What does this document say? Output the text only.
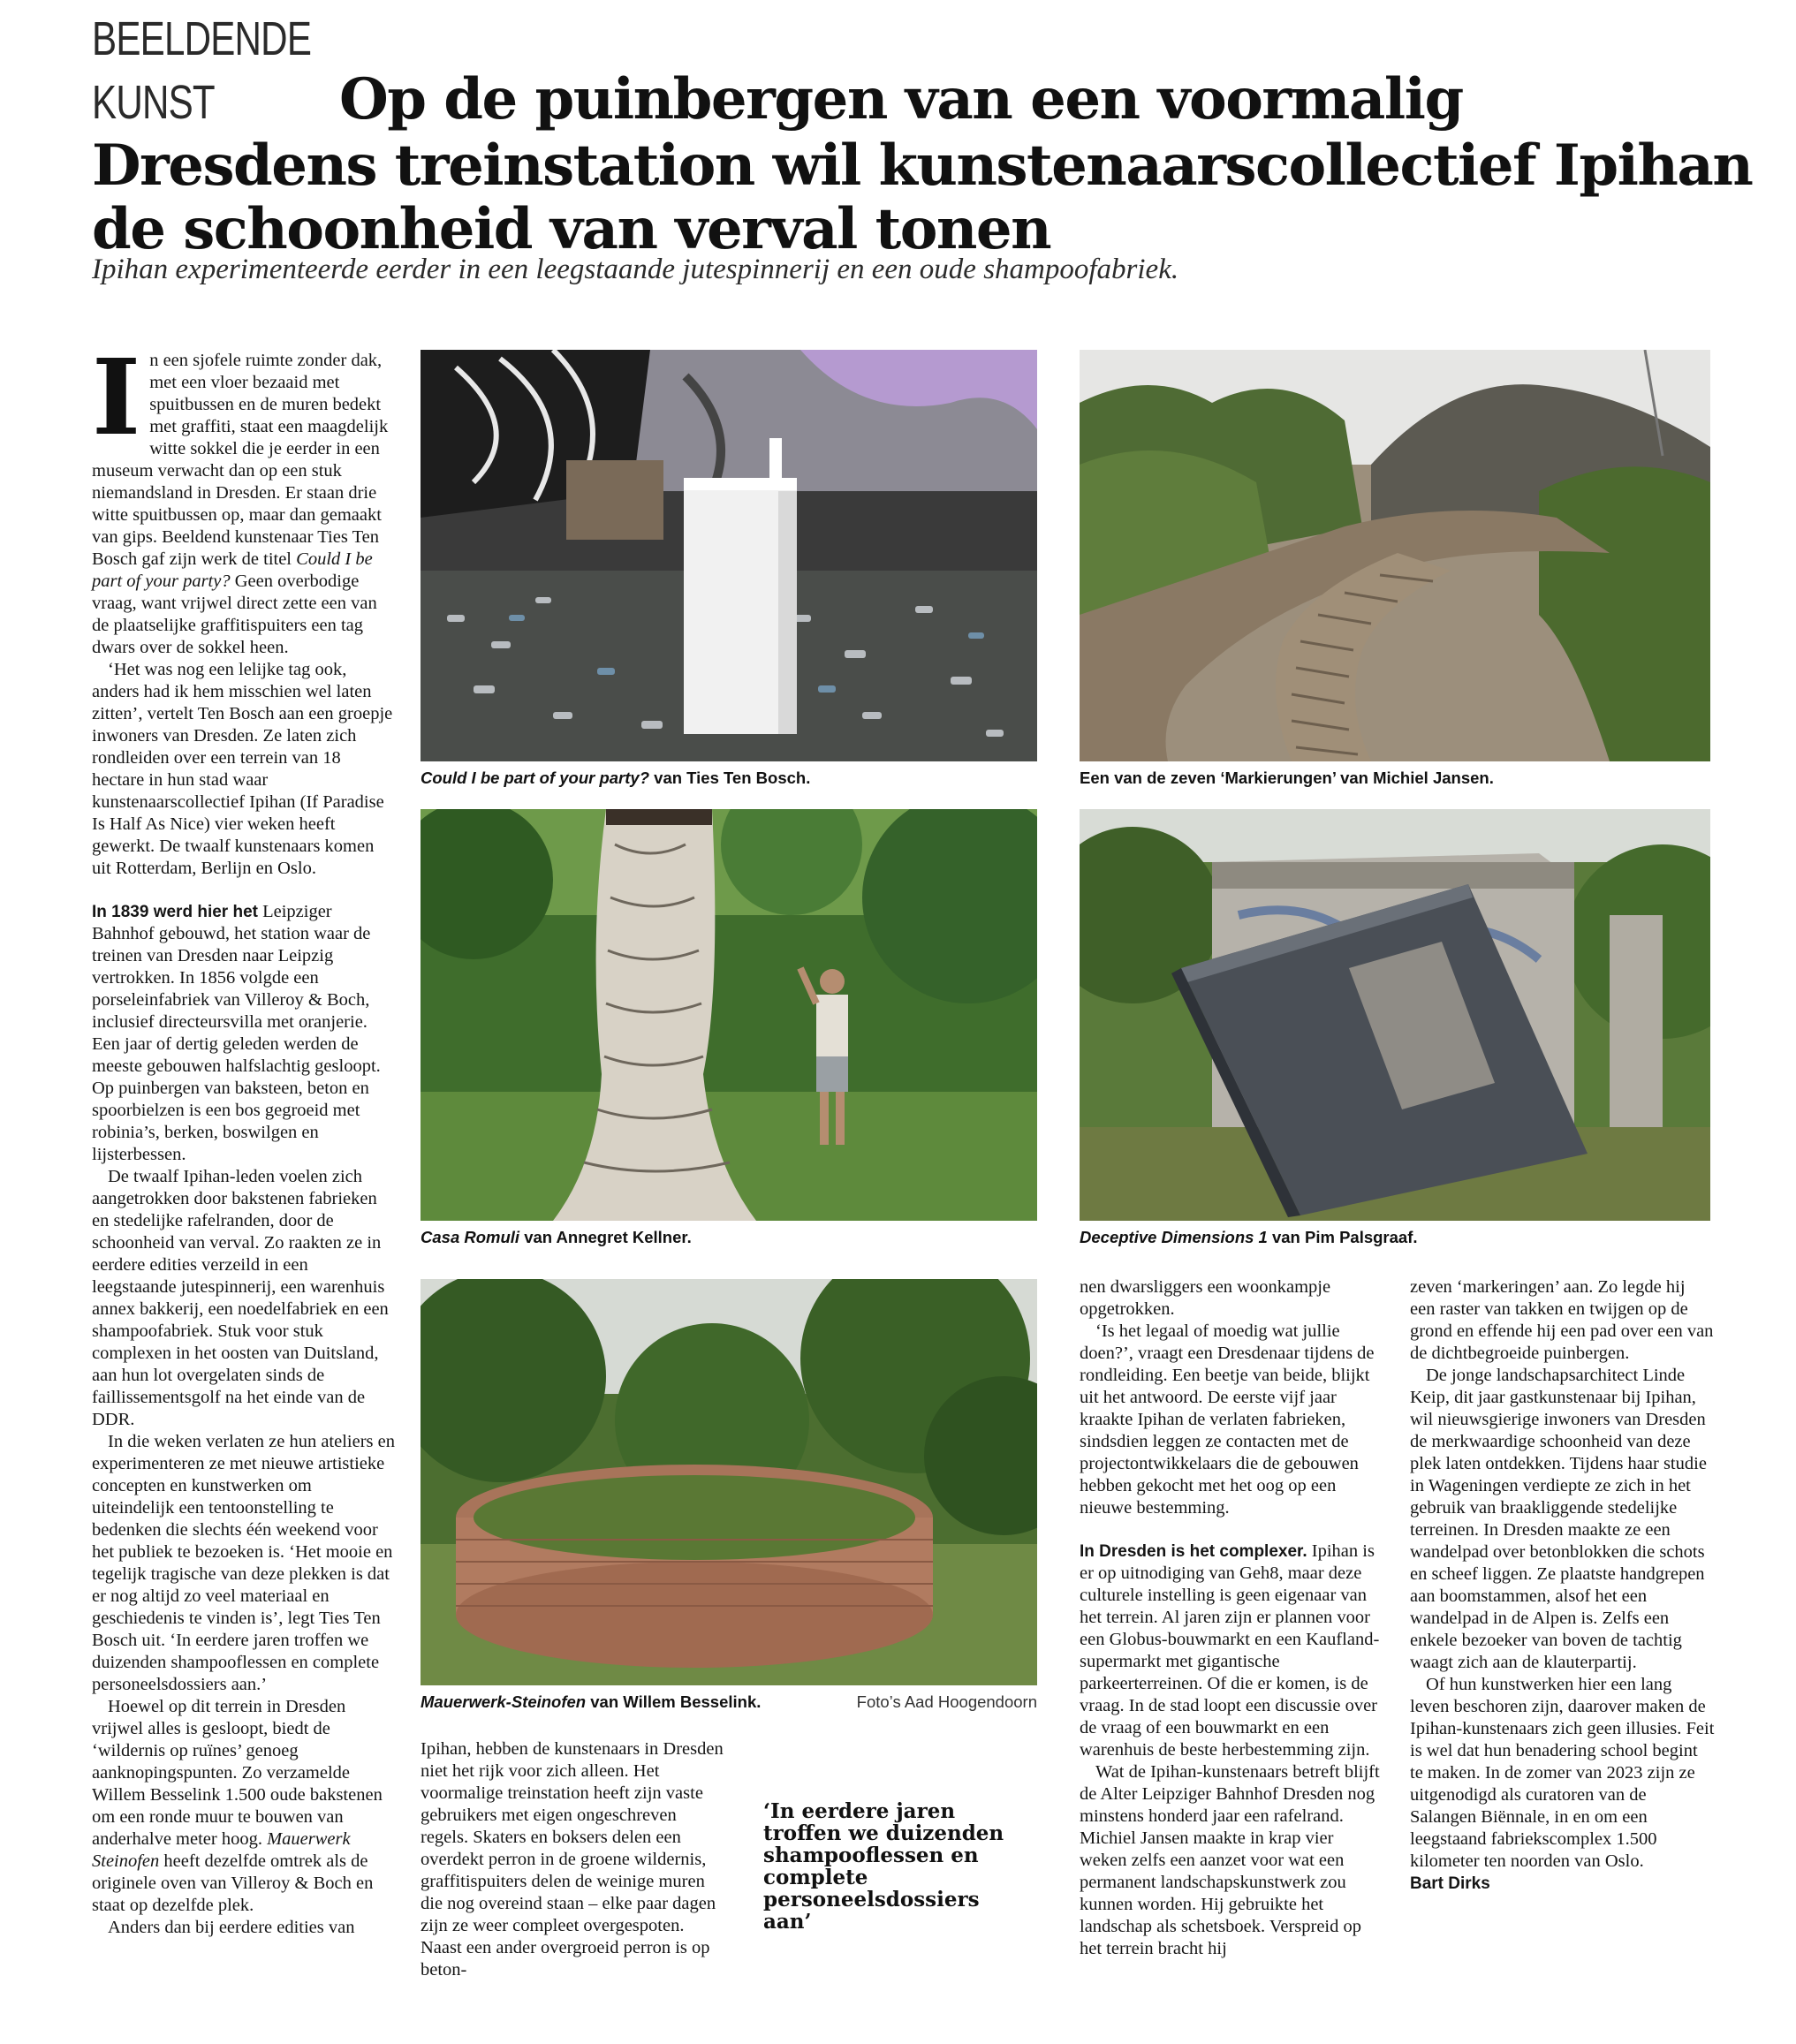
BEELDENDE KUNST Op de puinbergen van een voormalig
Dresdens treinstation wil kunstenaarscollectief Ipihan
de schoonheid van verval tonen
Ipihan experimenteerde eerder in een leegstaande jutespinnerij en een oude shampoofabriek.

In een sjofele ruimte zonder dak, met een vloer bezaaid met spuitbussen en de muren bedekt met graffiti, staat een maagdelijk witte sokkel die je eerder in een museum verwacht dan op een stuk niemandsland in Dresden. Er staan drie witte spuitbussen op, maar dan gemaakt van gips. Beeldend kunstenaar Ties Ten Bosch gaf zijn werk de titel Could I be part of your party? Geen overbodige vraag, want vrijwel direct zette een van de plaatselijke graffitispuiters een tag dwars over de sokkel heen.

‘Het was nog een lelijke tag ook, anders had ik hem misschien wel laten zitten’, vertelt Ten Bosch aan een groepje inwoners van Dresden. Ze laten zich rondleiden over een terrein van 18 hectare in hun stad waar kunstenaarscollectief Ipihan (If Paradise Is Half As Nice) vier weken heeft gewerkt. De twaalf kunstenaars komen uit Rotterdam, Berlijn en Oslo.

In 1839 werd hier het Leipziger Bahnhof gebouwd, het station waar de treinen van Dresden naar Leipzig vertrokken. In 1856 volgde een porseleinfabriek van Villeroy & Boch, inclusief directeursvilla met oranjerie. Een jaar of dertig geleden werden de meeste gebouwen halfslachtig gesloopt. Op puinbergen van baksteen, beton en spoorbielzen is een bos gegroeid met robinia’s, berken, boswilgen en lijsterbessen.

De twaalf Ipihan-leden voelen zich aangetrokken door bakstenen fabrieken en stedelijke rafelranden, door de schoonheid van verval. Zo raakten ze in eerdere edities verzeild in een leegstaande jutespinnerij, een warenhuis annex bakkerij, een noedelfabriek en een shampoofabriek. Stuk voor stuk complexen in het oosten van Duitsland, aan hun lot overgelaten sinds de faillissementsgolf na het einde van de DDR.

In die weken verlaten ze hun ateliers en experimenteren ze met nieuwe artistieke concepten en kunstwerken om uiteindelijk een tentoonstelling te bedenken die slechts één weekend voor het publiek te bezoeken is. ‘Het mooie en tegelijk tragische van deze plekken is dat er nog altijd zo veel materiaal en geschiedenis te vinden is’, legt Ties Ten Bosch uit. ‘In eerdere jaren troffen we duizenden shampooflessen en complete personeelsdossiers aan.’

Hoewel op dit terrein in Dresden vrijwel alles is gesloopt, biedt de ‘wildernis op ruïnes’ genoeg aanknopingspunten. Zo verzamelde Willem Besselink 1.500 oude bakstenen om een ronde muur te bouwen van anderhalve meter hoog. Mauerwerk Steinofen heeft dezelfde omtrek als de originele oven van Villeroy & Boch en staat op dezelfde plek.

Anders dan bij eerdere edities van

Could I be part of your party? van Ties Ten Bosch.	Een van de zeven ‘Markierungen’ van Michiel Jansen.
Casa Romuli van Annegret Kellner.	Deceptive Dimensions 1 van Pim Palsgraaf.
Mauerwerk-Steinofen van Willem Besselink.	Foto’s Aad Hoogendoorn

Ipihan, hebben de kunstenaars in Dresden niet het rijk voor zich alleen. Het voormalige treinstation heeft zijn vaste gebruikers met eigen ongeschreven regels. Skaters en boksers delen een overdekt perron in de groene wildernis, graffitispuiters delen de weinige muren die nog overeind staan – elke paar dagen zijn ze weer compleet overgespoten. Naast een ander overgroeid perron is op beton-

‘In eerdere jaren troffen we duizenden shampooflessen en complete personeelsdossiers aan’

nen dwarsliggers een woonkampje opgetrokken.

‘Is het legaal of moedig wat jullie doen?’, vraagt een Dresdenaar tijdens de rondleiding. Een beetje van beide, blijkt uit het antwoord. De eerste vijf jaar kraakte Ipihan de verlaten fabrieken, sindsdien leggen ze contacten met de projectontwikkelaars die de gebouwen hebben gekocht met het oog op een nieuwe bestemming.

In Dresden is het complexer. Ipihan is er op uitnodiging van Geh8, maar deze culturele instelling is geen eigenaar van het terrein. Al jaren zijn er plannen voor een Globus-bouwmarkt en een Kaufland-supermarkt met gigantische parkeerterreinen. Of die er komen, is de vraag. In de stad loopt een discussie over de vraag of een bouwmarkt en een warenhuis de beste herbestemming zijn.

Wat de Ipihan-kunstenaars betreft blijft de Alter Leipziger Bahnhof Dresden nog minstens honderd jaar een rafelrand. Michiel Jansen maakte in krap vier weken zelfs een aanzet voor wat een permanent landschapskunstwerk zou kunnen worden. Hij gebruikte het landschap als schetsboek. Verspreid op het terrein bracht hij

zeven ‘markeringen’ aan. Zo legde hij een raster van takken en twijgen op de grond en effende hij een pad over een van de dichtbegroeide puinbergen.

De jonge landschapsarchitect Linde Keip, dit jaar gastkunstenaar bij Ipihan, wil nieuwsgierige inwoners van Dresden de merkwaardige schoonheid van deze plek laten ontdekken. Tijdens haar studie in Wageningen verdiepte ze zich in het gebruik van braakliggende stedelijke terreinen. In Dresden maakte ze een wandelpad over betonblokken die schots en scheef liggen. Ze plaatste handgrepen aan boomstammen, alsof het een wandelpad in de Alpen is. Zelfs een enkele bezoeker van boven de tachtig waagt zich aan de klauterpartij.

Of hun kunstwerken hier een lang leven beschoren zijn, daarover maken de Ipihan-kunstenaars zich geen illusies. Feit is wel dat hun benadering school begint te maken. In de zomer van 2023 zijn ze uitgenodigd als curatoren van de Salangen Biënnale, in en om een leegstaand fabriekscomplex 1.500 kilometer ten noorden van Oslo.

Bart Dirks
